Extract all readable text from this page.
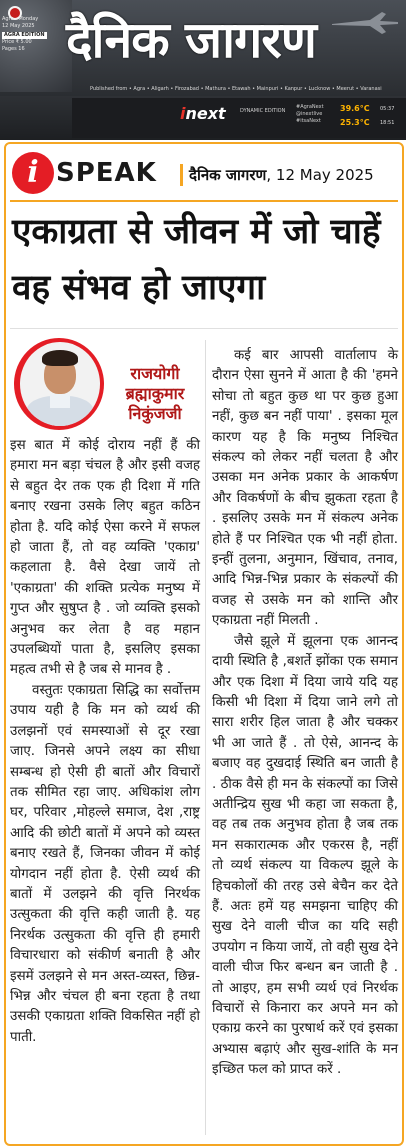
Agra · Monday
12 May 2025
AGRA EDITION
Price ₹ 5.00
Pages 16 दैनिक जागरण
Published from • Agra • Aligarh • Firozabad • Mathura • Etawah • Mainpuri • Kanpur • Lucknow • Meerut • Varanasi
inext	DYNAMIC EDITION
#AgraNext
@inextlive
#itsaNext
39.6°C
25.3°C
05:37
18:51
i SPEAK दैनिक जागरण, 12 May 2025
एकाग्रता से जीवन में जो चाहें वह संभव हो जाएगा
राजयोगी
ब्रह्माकुमार
निकुंजजी

इस बात में कोई दोराय नहीं हैं की हमारा मन बड़ा चंचल है और इसी वजह से बहुत देर तक एक ही दिशा में गति बनाए रखना उसके लिए बहुत कठिन होता है. यदि कोई ऐसा करने में सफल हो जाता हैं, तो वह व्यक्ति 'एकाग्र' कहलाता है. वैसे देखा जायें तो 'एकाग्रता' की शक्ति प्रत्येक मनुष्य में गुप्त और सुषुप्त है . जो व्यक्ति इसको अनुभव कर लेता है वह महान उपलब्धियों पाता है, इसलिए इसका महत्व तभी से है जब से मानव है .

वस्तुतः एकाग्रता सिद्धि का सर्वोत्तम उपाय यही है कि मन को व्यर्थ की उलझनों एवं समस्याओं से दूर रखा जाए. जिनसे अपने लक्ष्य का सीधा सम्बन्ध हो ऐसी ही बातों और विचारों तक सीमित रहा जाए. अधिकांश लोग घर, परिवार ,मोहल्ले समाज, देश ,राष्ट्र आदि की छोटी बातों में अपने को व्यस्त बनाए रखते हैं, जिनका जीवन में कोई योगदान नहीं होता है. ऐसी व्यर्थ की बातों में उलझने की वृत्ति निरर्थक उत्सुकता की वृत्ति कही जाती है. यह निरर्थक उत्सुकता की वृत्ति ही हमारी विचारधारा को संकीर्ण बनाती है और इसमें उलझने से मन अस्त-व्यस्त, छिन्न-भिन्न और चंचल ही बना रहता है तथा उसकी एकाग्रता शक्ति विकसित नहीं हो पाती.

कई बार आपसी वार्तालाप के दौरान ऐसा सुनने में आता है की 'हमने सोचा तो बहुत कुछ था पर कुछ हुआ नहीं, कुछ बन नहीं पाया' . इसका मूल कारण यह है कि मनुष्य निश्चित संकल्प को लेकर नहीं चलता है और उसका मन अनेक प्रकार के आकर्षण और विकर्षणों के बीच झुकता रहता है . इसलिए उसके मन में संकल्प अनेक होते हैं पर निश्चित एक भी नहीं होता. इन्हीं तुलना, अनुमान, खिंचाव, तनाव, आदि भिन्न-भिन्न प्रकार के संकल्पों की वजह से उसके मन को शान्ति और एकाग्रता नहीं मिलती .

जैसे झूले में झूलना एक आनन्द दायी स्थिति है ,बशर्ते झोंका एक समान और एक दिशा में दिया जाये यदि यह किसी भी दिशा में दिया जाने लगे तो सारा शरीर हिल जाता है और चक्कर भी आ जाते हैं . तो ऐसे, आनन्द के बजाए वह दुखदाई स्थिति बन जाती है . ठीक वैसे ही मन के संकल्पों का जिसे अतीन्द्रिय सुख भी कहा जा सकता है, वह तब तक अनुभव होता है जब तक मन सकारात्मक और एकरस है, नहीं तो व्यर्थ संकल्प या विकल्प झूले के हिचकोलों की तरह उसे बेचैन कर देते हैं. अतः हमें यह समझना चाहिए की सुख देने वाली चीज का यदि सही उपयोग न किया जायें, तो वही सुख देने वाली चीज फिर बन्धन बन जाती है . तो आइए, हम सभी व्यर्थ एवं निरर्थक विचारों से किनारा कर अपने मन को एकाग्र करने का पुरषार्थ करें एवं इसका अभ्यास बढ़ाएं और सुख-शांति के मन इच्छित फल को प्राप्त करें .
